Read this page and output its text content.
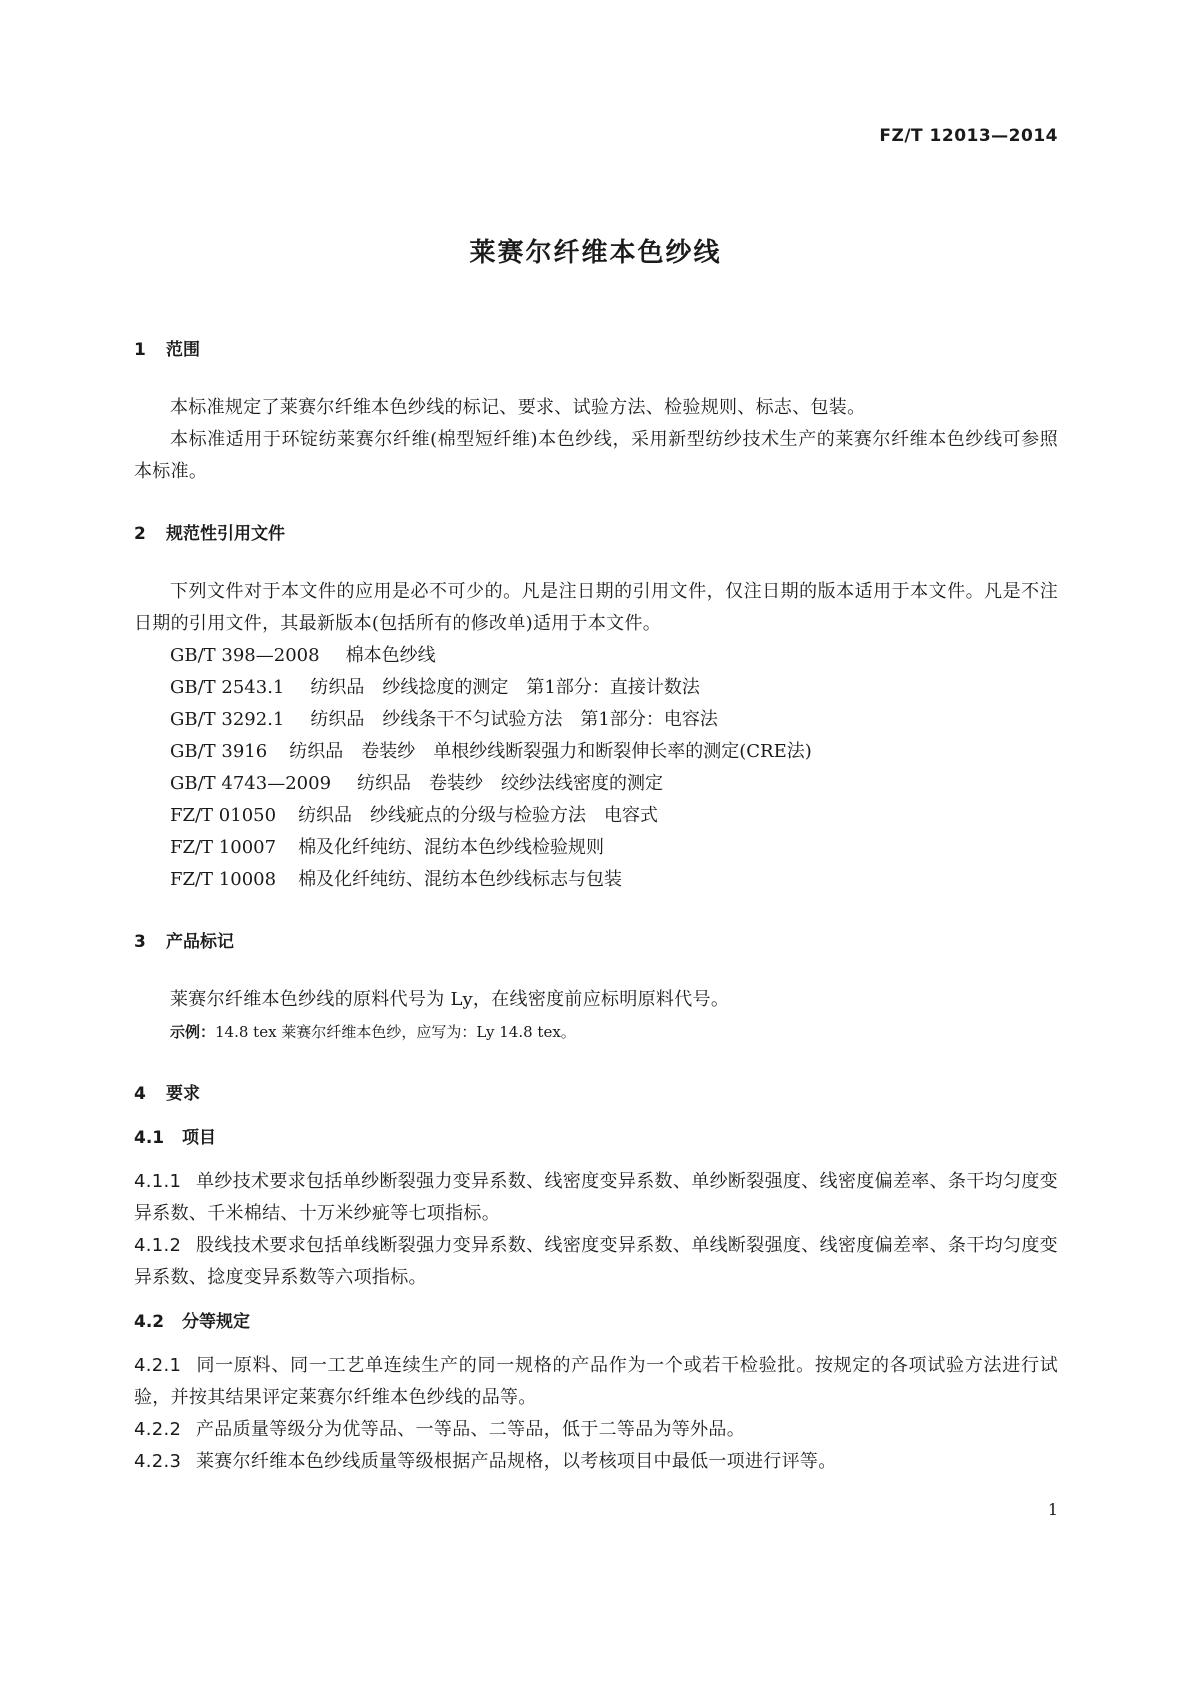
FZ/T 12013—2014
莱赛尔纤维本色纱线
1 范围
本标准规定了莱赛尔纤维本色纱线的标记、要求、试验方法、检验规则、标志、包装。
本标准适用于环锭纺莱赛尔纤维(棉型短纤维)本色纱线，采用新型纺纱技术生产的莱赛尔纤维本色纱线可参照本标准。
2 规范性引用文件
下列文件对于本文件的应用是必不可少的。凡是注日期的引用文件，仅注日期的版本适用于本文件。凡是不注日期的引用文件，其最新版本(包括所有的修改单)适用于本文件。
GB/T 398—2008 棉本色纱线
GB/T 2543.1 纺织品　纱线捻度的测定　第1部分：直接计数法
GB/T 3292.1 纺织品　纱线条干不匀试验方法　第1部分：电容法
GB/T 3916 纺织品　卷装纱　单根纱线断裂强力和断裂伸长率的测定(CRE法)
GB/T 4743—2009 纺织品　卷装纱　绞纱法线密度的测定
FZ/T 01050 纺织品　纱线疵点的分级与检验方法　电容式
FZ/T 10007 棉及化纤纯纺、混纺本色纱线检验规则
FZ/T 10008 棉及化纤纯纺、混纺本色纱线标志与包装
3 产品标记
莱赛尔纤维本色纱线的原料代号为 Ly，在线密度前应标明原料代号。
示例：14.8 tex 莱赛尔纤维本色纱，应写为：Ly 14.8 tex。
4 要求
4.1 项目
4.1.1 单纱技术要求包括单纱断裂强力变异系数、线密度变异系数、单纱断裂强度、线密度偏差率、条干均匀度变异系数、千米棉结、十万米纱疵等七项指标。
4.1.2 股线技术要求包括单线断裂强力变异系数、线密度变异系数、单线断裂强度、线密度偏差率、条干均匀度变异系数、捻度变异系数等六项指标。
4.2 分等规定
4.2.1 同一原料、同一工艺单连续生产的同一规格的产品作为一个或若干检验批。按规定的各项试验方法进行试验，并按其结果评定莱赛尔纤维本色纱线的品等。
4.2.2 产品质量等级分为优等品、一等品、二等品，低于二等品为等外品。
4.2.3 莱赛尔纤维本色纱线质量等级根据产品规格，以考核项目中最低一项进行评等。
1
